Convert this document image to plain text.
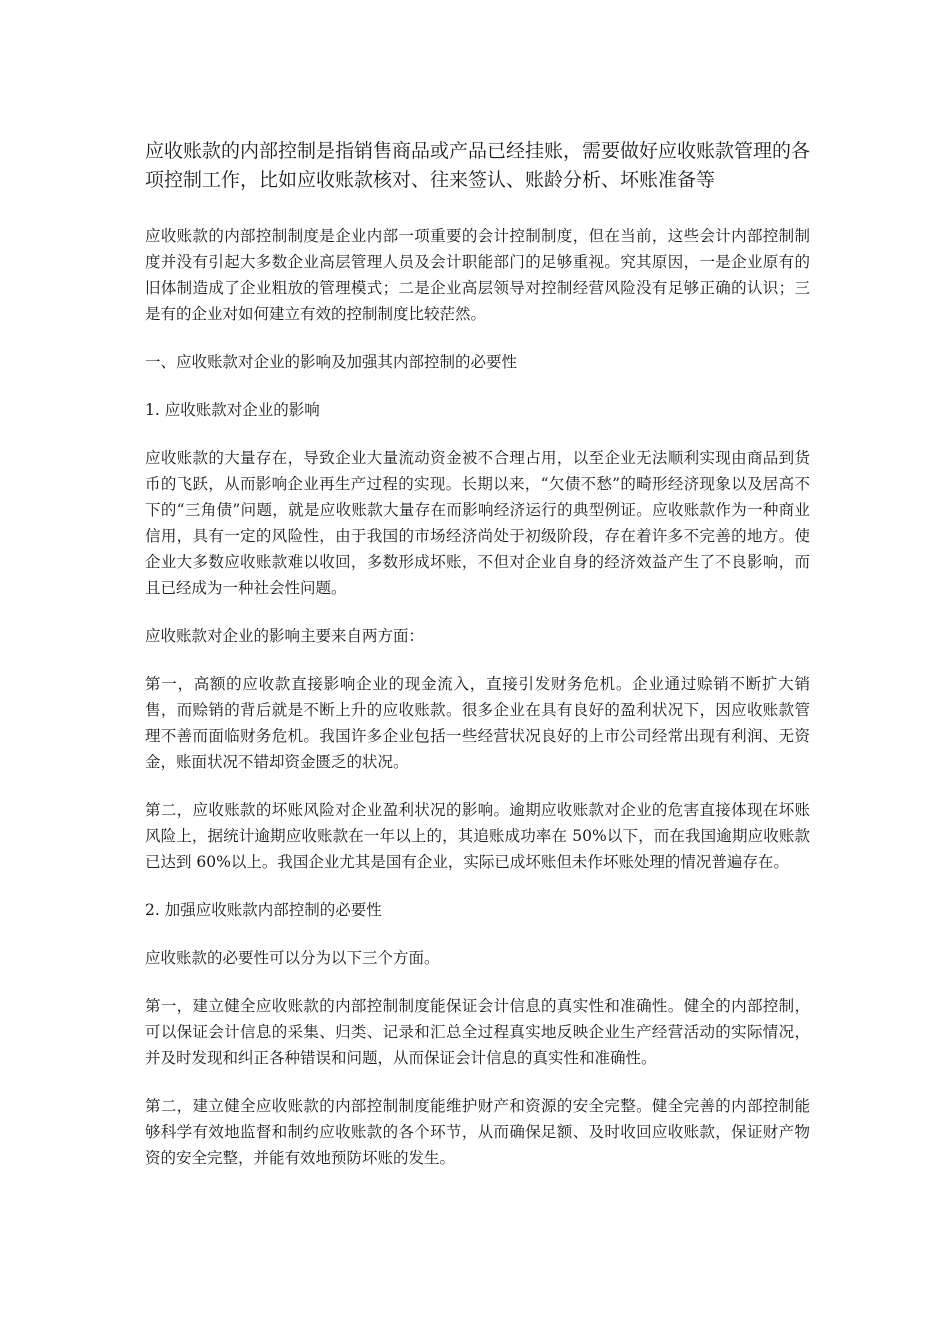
应收账款的内部控制是指销售商品或产品已经挂账，需要做好应收账款管理的各项控制工作，比如应收账款核对、往来签认、账龄分析、坏账准备等

应收账款的内部控制制度是企业内部一项重要的会计控制制度，但在当前，这些会计内部控制制度并没有引起大多数企业高层管理人员及会计职能部门的足够重视。究其原因，一是企业原有的旧体制造成了企业粗放的管理模式；二是企业高层领导对控制经营风险没有足够正确的认识；三是有的企业对如何建立有效的控制制度比较茫然。

一、应收账款对企业的影响及加强其内部控制的必要性

1. 应收账款对企业的影响

应收账款的大量存在，导致企业大量流动资金被不合理占用，以至企业无法顺利实现由商品到货币的飞跃，从而影响企业再生产过程的实现。长期以来，“欠债不愁”的畸形经济现象以及居高不下的“三角债”问题，就是应收账款大量存在而影响经济运行的典型例证。应收账款作为一种商业信用，具有一定的风险性，由于我国的市场经济尚处于初级阶段，存在着许多不完善的地方。使企业大多数应收账款难以收回，多数形成坏账，不但对企业自身的经济效益产生了不良影响，而且已经成为一种社会性问题。

应收账款对企业的影响主要来自两方面：

第一，高额的应收款直接影响企业的现金流入，直接引发财务危机。企业通过赊销不断扩大销售，而赊销的背后就是不断上升的应收账款。很多企业在具有良好的盈利状况下，因应收账款管理不善而面临财务危机。我国许多企业包括一些经营状况良好的上市公司经常出现有利润、无资金，账面状况不错却资金匮乏的状况。

第二，应收账款的坏账风险对企业盈利状况的影响。逾期应收账款对企业的危害直接体现在坏账风险上，据统计逾期应收账款在一年以上的，其追账成功率在 50%以下，而在我国逾期应收账款已达到 60%以上。我国企业尤其是国有企业，实际已成坏账但未作坏账处理的情况普遍存在。

2. 加强应收账款内部控制的必要性

应收账款的必要性可以分为以下三个方面。

第一，建立健全应收账款的内部控制制度能保证会计信息的真实性和准确性。健全的内部控制，可以保证会计信息的采集、归类、记录和汇总全过程真实地反映企业生产经营活动的实际情况，并及时发现和纠正各种错误和问题，从而保证会计信息的真实性和准确性。

第二，建立健全应收账款的内部控制制度能维护财产和资源的安全完整。健全完善的内部控制能够科学有效地监督和制约应收账款的各个环节，从而确保足额、及时收回应收账款，保证财产物资的安全完整，并能有效地预防坏账的发生。
